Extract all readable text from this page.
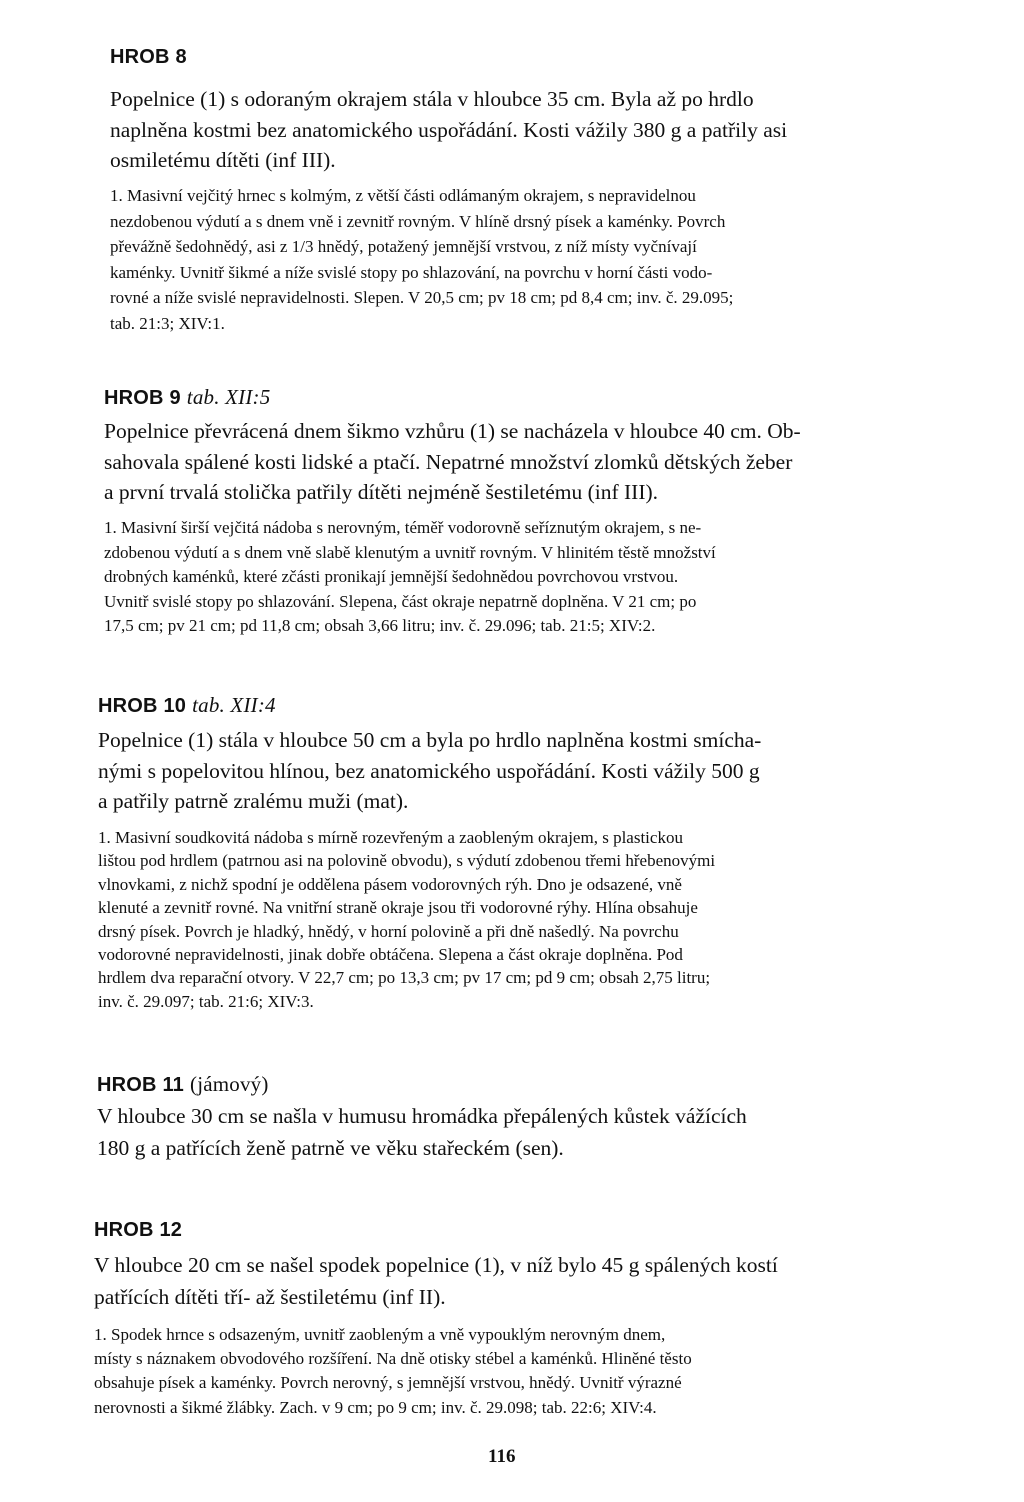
HROB 8
Popelnice (1) s odoraným okrajem stála v hloubce 35 cm. Byla až po hrdlo
naplněna kostmi bez anatomického uspořádání. Kosti vážily 380 g a patřily asi
osmiletému dítěti (inf III).
1. Masivní vejčitý hrnec s kolmým, z větší části odlámaným okrajem, s nepravidelnou
nezdobenou výdutí a s dnem vně i zevnitř rovným. V hlíně drsný písek a kaménky. Povrch
převážně šedohnědý, asi z 1/3 hnědý, potažený jemnější vrstvou, z níž místy vyčnívají
kaménky. Uvnitř šikmé a níže svislé stopy po shlazování, na povrchu v horní části vodo-
rovné a níže svislé nepravidelnosti. Slepen. V 20,5 cm; pv 18 cm; pd 8,4 cm; inv. č. 29.095;
tab. 21:3; XIV:1.
HROB 9 tab. XII:5
Popelnice převrácená dnem šikmo vzhůru (1) se nacházela v hloubce 40 cm. Ob-
sahovala spálené kosti lidské a ptačí. Nepatrné množství zlomků dětských žeber
a první trvalá stolička patřily dítěti nejméně šestiletému (inf III).
1. Masivní širší vejčitá nádoba s nerovným, téměř vodorovně seříznutým okrajem, s ne-
zdobenou výdutí a s dnem vně slabě klenutým a uvnitř rovným. V hlinitém těstě množství
drobných kaménků, které zčásti pronikají jemnější šedohnědou povrchovou vrstvou.
Uvnitř svislé stopy po shlazování. Slepena, část okraje nepatrně doplněna. V 21 cm; po
17,5 cm; pv 21 cm; pd 11,8 cm; obsah 3,66 litru; inv. č. 29.096; tab. 21:5; XIV:2.
HROB 10 tab. XII:4
Popelnice (1) stála v hloubce 50 cm a byla po hrdlo naplněna kostmi smícha-
nými s popelovitou hlínou, bez anatomického uspořádání. Kosti vážily 500 g
a patřily patrně zralému muži (mat).
1. Masivní soudkovitá nádoba s mírně rozevřeným a zaobleným okrajem, s plastickou
lištou pod hrdlem (patrnou asi na polovině obvodu), s výdutí zdobenou třemi hřebenovými
vlnovkami, z nichž spodní je oddělena pásem vodorovných rýh. Dno je odsazené, vně
klenuté a zevnitř rovné. Na vnitřní straně okraje jsou tři vodorovné rýhy. Hlína obsahuje
drsný písek. Povrch je hladký, hnědý, v horní polovině a při dně našedlý. Na povrchu
vodorovné nepravidelnosti, jinak dobře obtáčena. Slepena a část okraje doplněna. Pod
hrdlem dva reparační otvory. V 22,7 cm; po 13,3 cm; pv 17 cm; pd 9 cm; obsah 2,75 litru;
inv. č. 29.097; tab. 21:6; XIV:3.
HROB 11 (jámový)
V hloubce 30 cm se našla v humusu hromádka přepálených kůstek vážících
180 g a patřících ženě patrně ve věku stařeckém (sen).
HROB 12
V hloubce 20 cm se našel spodek popelnice (1), v níž bylo 45 g spálených kostí
patřících dítěti tří- až šestiletému (inf II).
1. Spodek hrnce s odsazeným, uvnitř zaobleným a vně vypouklým nerovným dnem,
místy s náznakem obvodového rozšíření. Na dně otisky stébel a kaménků. Hliněné těsto
obsahuje písek a kaménky. Povrch nerovný, s jemnější vrstvou, hnědý. Uvnitř výrazné
nerovnosti a šikmé žlábky. Zach. v 9 cm; po 9 cm; inv. č. 29.098; tab. 22:6; XIV:4.
116
